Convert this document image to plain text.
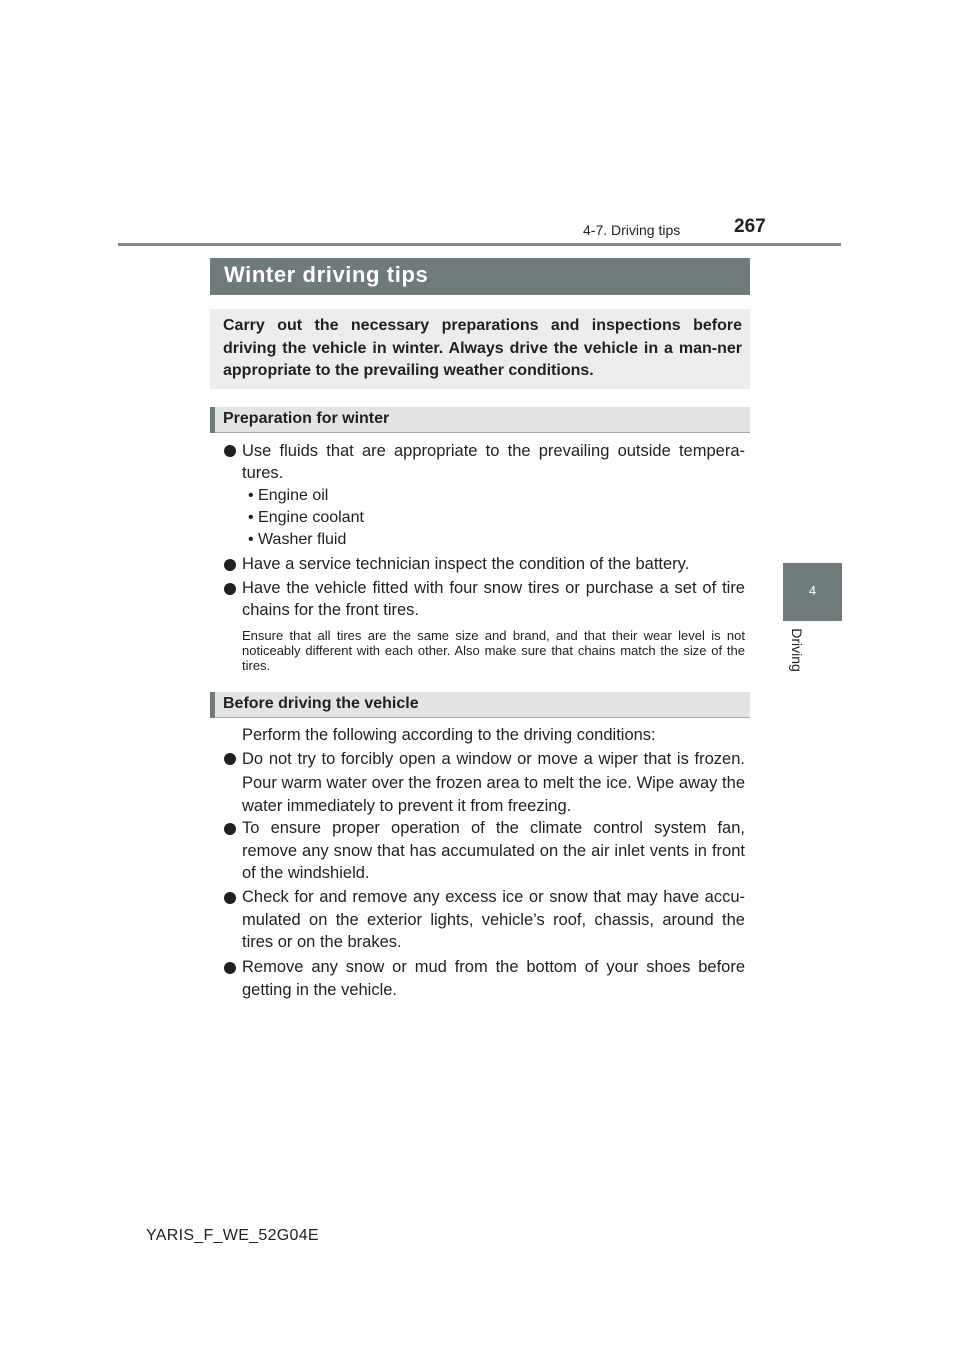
4-7. Driving tips	267
Winter driving tips
Carry out the necessary preparations and inspections before driving the vehicle in winter. Always drive the vehicle in a man-ner appropriate to the prevailing weather conditions.
Preparation for winter
Use fluids that are appropriate to the prevailing outside tempera-tures.
• Engine oil
• Engine coolant
• Washer fluid
Have a service technician inspect the condition of the battery.
Have the vehicle fitted with four snow tires or purchase a set of tire chains for the front tires.
Ensure that all tires are the same size and brand, and that their wear level is not noticeably different with each other. Also make sure that chains match the size of the tires.
Before driving the vehicle
Perform the following according to the driving conditions:
Do not try to forcibly open a window or move a wiper that is frozen. Pour warm water over the frozen area to melt the ice. Wipe away the water immediately to prevent it from freezing.
To ensure proper operation of the climate control system fan, remove any snow that has accumulated on the air inlet vents in front of the windshield.
Check for and remove any excess ice or snow that may have accu-mulated on the exterior lights, vehicle’s roof, chassis, around the tires or on the brakes.
Remove any snow or mud from the bottom of your shoes before getting in the vehicle.
4
Driving
YARIS_F_WE_52G04E
